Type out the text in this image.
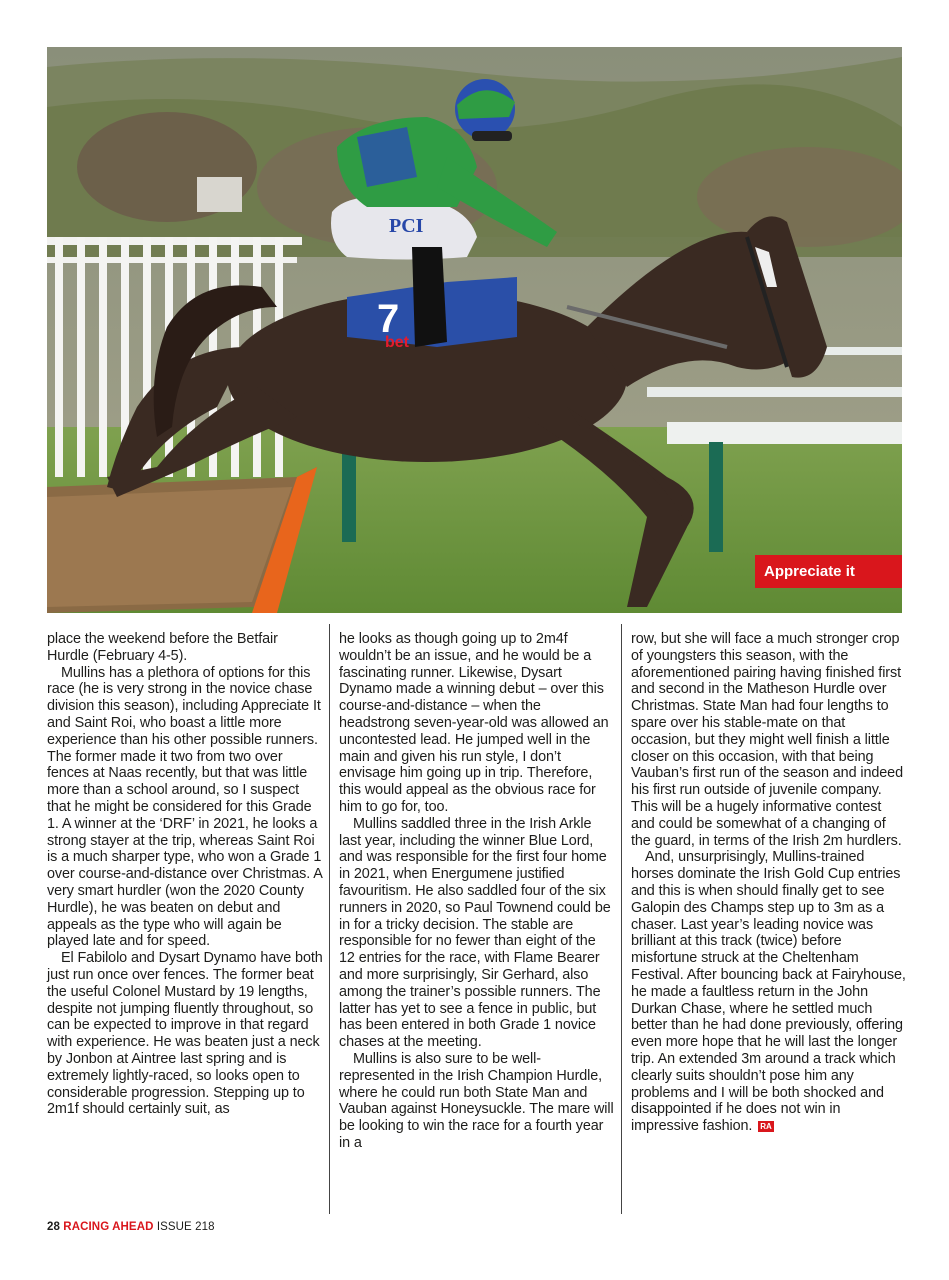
7
bet
PCI
Appreciate it

place the weekend before the Betfair Hurdle (February 4-5).

Mullins has a plethora of options for this race (he is very strong in the novice chase division this season), including Appreciate It and Saint Roi, who boast a little more experience than his other possible runners. The former made it two from two over fences at Naas recently, but that was little more than a school around, so I suspect that he might be considered for this Grade 1. A winner at the ‘DRF’ in 2021, he looks a strong stayer at the trip, whereas Saint Roi is a much sharper type, who won a Grade 1 over course-and-distance over Christmas. A very smart hurdler (won the 2020 County Hurdle), he was beaten on debut and appeals as the type who will again be played late and for speed.

El Fabilolo and Dysart Dynamo have both just run once over fences. The former beat the useful Colonel Mustard by 19 lengths, despite not jumping fluently throughout, so can be expected to improve in that regard with experience. He was beaten just a neck by Jonbon at Aintree last spring and is extremely lightly-raced, so looks open to considerable progression. Stepping up to 2m1f should certainly suit, as

he looks as though going up to 2m4f wouldn’t be an issue, and he would be a fascinating runner. Likewise, Dysart Dynamo made a winning debut – over this course-and-distance – when the headstrong seven-year-old was allowed an uncontested lead. He jumped well in the main and given his run style, I don’t envisage him going up in trip. Therefore, this would appeal as the obvious race for him to go for, too.

Mullins saddled three in the Irish Arkle last year, including the winner Blue Lord, and was responsible for the first four home in 2021, when Energumene justified favouritism. He also saddled four of the six runners in 2020, so Paul Townend could be in for a tricky decision. The stable are responsible for no fewer than eight of the 12 entries for the race, with Flame Bearer and more surprisingly, Sir Gerhard, also among the trainer’s possible runners. The latter has yet to see a fence in public, but has been entered in both Grade 1 novice chases at the meeting.

Mullins is also sure to be well-represented in the Irish Champion Hurdle, where he could run both State Man and Vauban against Honeysuckle. The mare will be looking to win the race for a fourth year in a

row, but she will face a much stronger crop of youngsters this season, with the aforementioned pairing having finished first and second in the Matheson Hurdle over Christmas. State Man had four lengths to spare over his stable-mate on that occasion, but they might well finish a little closer on this occasion, with that being Vauban’s first run of the season and indeed his first run outside of juvenile company. This will be a hugely informative contest and could be somewhat of a changing of the guard, in terms of the Irish 2m hurdlers.

And, unsurprisingly, Mullins-trained horses dominate the Irish Gold Cup entries and this is when should finally get to see Galopin des Champs step up to 3m as a chaser. Last year’s leading novice was brilliant at this track (twice) before misfortune struck at the Cheltenham Festival. After bouncing back at Fairyhouse, he made a faultless return in the John Durkan Chase, where he settled much better than he had done previously, offering even more hope that he will last the longer trip. An extended 3m around a track which clearly suits shouldn’t pose him any problems and I will be both shocked and disappointed if he does not win in impressive fashion. RA

28 RACING AHEAD ISSUE 218
